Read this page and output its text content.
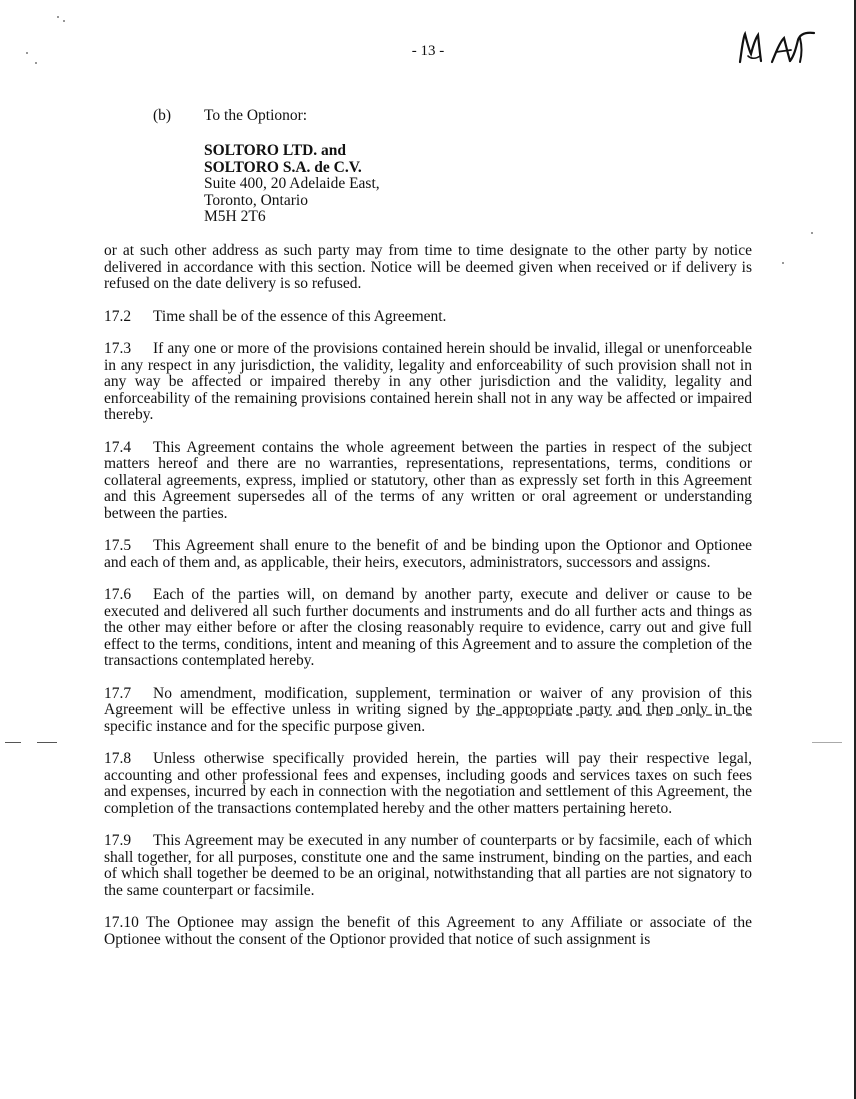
- 13 -
(b) To the Optionor:
SOLTORO LTD. and
SOLTORO S.A. de C.V.
Suite 400, 20 Adelaide East,
Toronto, Ontario
M5H 2T6

or at such other address as such party may from time to time designate to the other party by notice delivered in accordance with this section. Notice will be deemed given when received or if delivery is refused on the date delivery is so refused.

17.2 Time shall be of the essence of this Agreement.

17.3 If any one or more of the provisions contained herein should be invalid, illegal or unenforceable in any respect in any jurisdiction, the validity, legality and enforceability of such provision shall not in any way be affected or impaired thereby in any other jurisdiction and the validity, legality and enforceability of the remaining provisions contained herein shall not in any way be affected or impaired thereby.

17.4 This Agreement contains the whole agreement between the parties in respect of the subject matters hereof and there are no warranties, representations, representations, terms, conditions or collateral agreements, express, implied or statutory, other than as expressly set forth in this Agreement and this Agreement supersedes all of the terms of any written or oral agreement or understanding between the parties.

17.5 This Agreement shall enure to the benefit of and be binding upon the Optionor and Optionee and each of them and, as applicable, their heirs, executors, administrators, successors and assigns.

17.6 Each of the parties will, on demand by another party, execute and deliver or cause to be executed and delivered all such further documents and instruments and do all further acts and things as the other may either before or after the closing reasonably require to evidence, carry out and give full effect to the terms, conditions, intent and meaning of this Agreement and to assure the completion of the transactions contemplated hereby.

17.7 No amendment, modification, supplement, termination or waiver of any provision of this Agreement will be effective unless in writing signed by the appropriate party and then only in the specific instance and for the specific purpose given.

17.8 Unless otherwise specifically provided herein, the parties will pay their respective legal, accounting and other professional fees and expenses, including goods and services taxes on such fees and expenses, incurred by each in connection with the negotiation and settlement of this Agreement, the completion of the transactions contemplated hereby and the other matters pertaining hereto.

17.9 This Agreement may be executed in any number of counterparts or by facsimile, each of which shall together, for all purposes, constitute one and the same instrument, binding on the parties, and each of which shall together be deemed to be an original, notwithstanding that all parties are not signatory to the same counterpart or facsimile.

17.10 The Optionee may assign the benefit of this Agreement to any Affiliate or associate of the Optionee without the consent of the Optionor provided that notice of such assignment is
